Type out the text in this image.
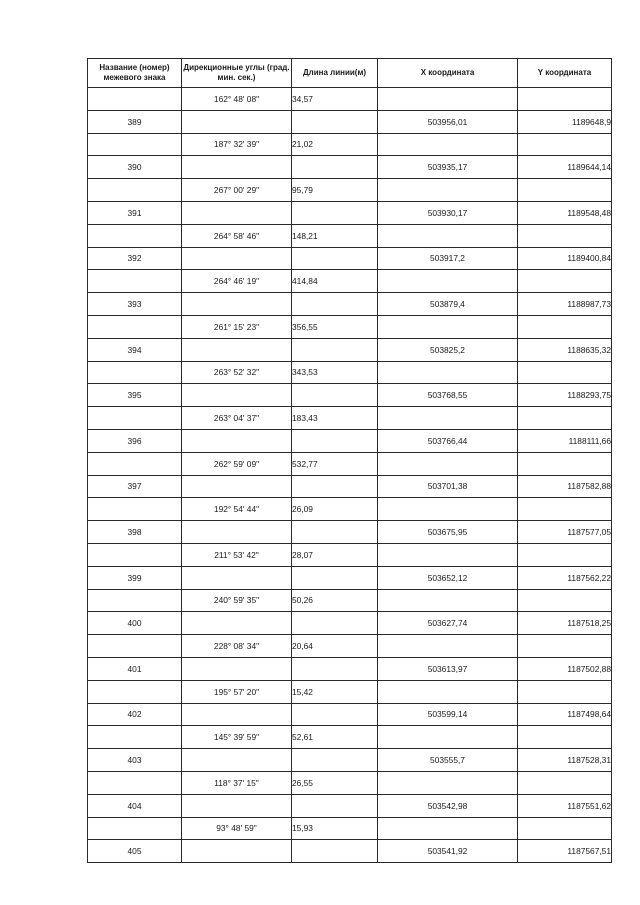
Название (номер) межевого знака	Дирекционные углы (град. мин. сек.)	Длина линии(м)	X координата	Y координата
	162° 48' 08"	34,57		
389			503956,01	1189648,9
	187° 32' 39"	21,02		
390			503935,17	1189644,14
	267° 00' 29"	95,79		
391			503930,17	1189548,48
	264° 58' 46"	148,21		
392			503917,2	1189400,84
	264° 46' 19"	414,84		
393			503879,4	1188987,73
	261° 15' 23"	356,55		
394			503825,2	1188635,32
	263° 52' 32"	343,53		
395			503768,55	1188293,75
	263° 04' 37"	183,43		
396			503766,44	1188111,66
	262° 59' 09"	532,77		
397			503701,38	1187582,88
	192° 54' 44"	26,09		
398			503675,95	1187577,05
	211° 53' 42"	28,07		
399			503652,12	1187562,22
	240° 59' 35"	50,26		
400			503627,74	1187518,25
	228° 08' 34"	20,64		
401			503613,97	1187502,88
	195° 57' 20"	15,42		
402			503599,14	1187498,64
	145° 39' 59"	52,61		
403			503555,7	1187528,31
	118° 37' 15"	26,55		
404			503542,98	1187551,62
	93° 48' 59"	15,93		
405			503541,92	1187567,51
